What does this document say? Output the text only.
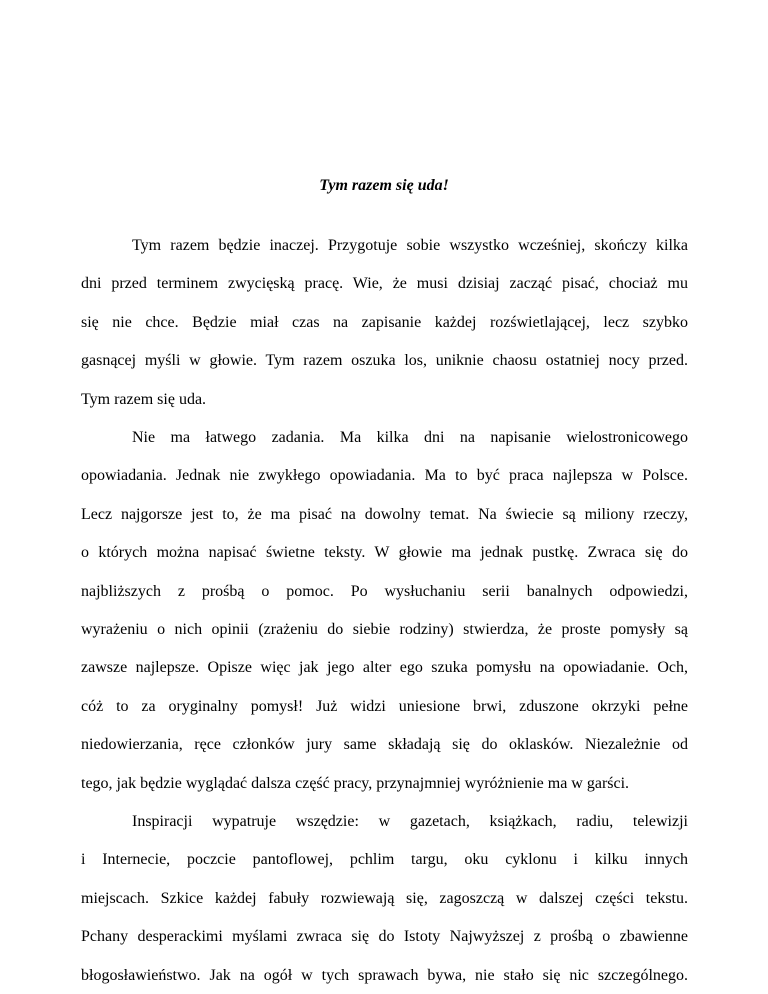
Tym razem się uda!
Tym razem będzie inaczej. Przygotuje sobie wszystko wcześniej, skończy kilka
dni przed terminem zwycięską pracę. Wie, że musi dzisiaj zacząć pisać, chociaż mu
się nie chce. Będzie miał czas na zapisanie każdej rozświetlającej, lecz szybko
gasnącej myśli w głowie. Tym razem oszuka los, uniknie chaosu ostatniej nocy przed.
Tym razem się uda.
Nie ma łatwego zadania. Ma kilka dni na napisanie wielostronicowego
opowiadania. Jednak nie zwykłego opowiadania. Ma to być praca najlepsza w Polsce.
Lecz najgorsze jest to, że ma pisać na dowolny temat. Na świecie są miliony rzeczy,
o których można napisać świetne teksty. W głowie ma jednak pustkę. Zwraca się do
najbliższych z prośbą o pomoc. Po wysłuchaniu serii banalnych odpowiedzi,
wyrażeniu o nich opinii (zrażeniu do siebie rodziny) stwierdza, że proste pomysły są
zawsze najlepsze. Opisze więc jak jego alter ego szuka pomysłu na opowiadanie. Och,
cóż to za oryginalny pomysł! Już widzi uniesione brwi, zduszone okrzyki pełne
niedowierzania, ręce członków jury same składają się do oklasków. Niezależnie od
tego, jak będzie wyglądać dalsza część pracy, przynajmniej wyróżnienie ma w garści.
Inspiracji wypatruje wszędzie: w gazetach, książkach, radiu, telewizji
i Internecie, poczcie pantoflowej, pchlim targu, oku cyklonu i kilku innych
miejscach. Szkice każdej fabuły rozwiewają się, zagoszczą w dalszej części tekstu.
Pchany desperackimi myślami zwraca się do Istoty Najwyższej z prośbą o zbawienne
błogosławieństwo. Jak na ogół w tych sprawach bywa, nie stało się nic szczególnego.
